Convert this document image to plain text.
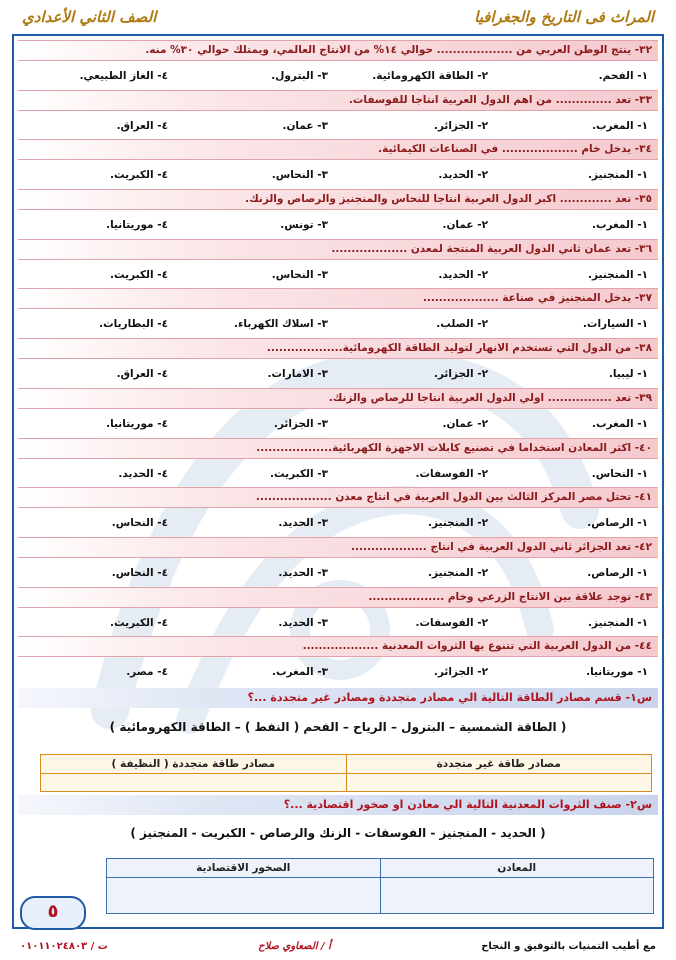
المراث فى التاريخ والجغرافيا
الصف الثاني الأعدادي
٣٢- ينتج الوطن العربي من ................... حوالي ١٤% من الانتاج العالمي، ويمتلك حوالي ٣٠% منه.
١- الفحم.
٢- الطاقة الكهرومائية.
٣- البترول.
٤- الغاز الطبيعي.
٣٣- تعد .............. من اهم الدول العربية انتاجا للفوسفات.
١- المغرب.
٢- الجزائر.
٣- عمان.
٤- العراق.
٣٤- يدخل خام ................... في الصناعات الكيمائية.
١- المنجنيز.
٢- الحديد.
٣- النحاس.
٤- الكبريت.
٣٥- تعد ............. اكبر الدول العربية انتاجا للنحاس والمنجنيز والرصاص والزنك.
١- المغرب.
٢- عمان.
٣- تونس.
٤- موريتانيا.
٣٦- تعد عمان ثاني الدول العربية المنتجة لمعدن ...................
١- المنجنيز.
٢- الحديد.
٣- النحاس.
٤- الكبريت.
٣٧- يدخل المنجنيز في صناعة ...................
١- السيارات.
٢- الصلب.
٣- اسلاك الكهرباء.
٤- البطاريات.
٣٨- من الدول التي تستخدم الانهار لتوليد الطاقة الكهرومائية...................
١- ليبيا.
٢- الجزائر.
٣- الامارات.
٤- العراق.
٣٩- تعد ................ اولي الدول العربية انتاجا للرصاص والزنك.
١- المغرب.
٢- عمان.
٣- الجزائر.
٤- موريتانيا.
٤٠- اكثر المعادن استخداما في تصنيع كابلات الاجهزة الكهربائية...................
١- النحاس.
٢- الفوسفات.
٣- الكبريت.
٤- الحديد.
٤١- تحتل مصر المركز الثالث بين الدول العربية في انتاج معدن ...................
١- الرصاص.
٢- المنجنيز.
٣- الحديد.
٤- النحاس.
٤٢- تعد الجزائر ثاني الدول العربية في انتاج ...................
١- الرصاص.
٢- المنجنيز.
٣- الحديد.
٤- النحاس.
٤٣- توجد علاقة بين الانتاج الزرعي وخام ...................
١- المنجنيز.
٢- الفوسفات.
٣- الحديد.
٤- الكبريت.
٤٤- من الدول العربية التي تتنوع بها الثروات المعدنية ...................
١- موريتانيا.
٢- الجزائر.
٣- المغرب.
٤- مصر.
س١- قسم مصادر الطاقة التالية الي مصادر متجددة ومصادر غير متجددة ...؟
( الطاقة الشمسية – البترول – الرياح – الفحم ( النفط ) – الطاقة الكهرومائية )
مصادر طاقة غير متجددة	مصادر طاقة متجددة ( النظيفة )

س٢- صنف الثروات المعدنية التالية الي معادن او صخور اقتصادية ...؟
( الحديد - المنجنيز - الفوسفات - الزنك والرصاص - الكبريت - المنجنيز )
المعادن	الصخور الاقتصادية

٥
مع أطيب التمنيات بالتوفيق و النجاح
أ / الصعاوي صلاح
ت / ٠١٠١١٠٢٤٨٠٣
